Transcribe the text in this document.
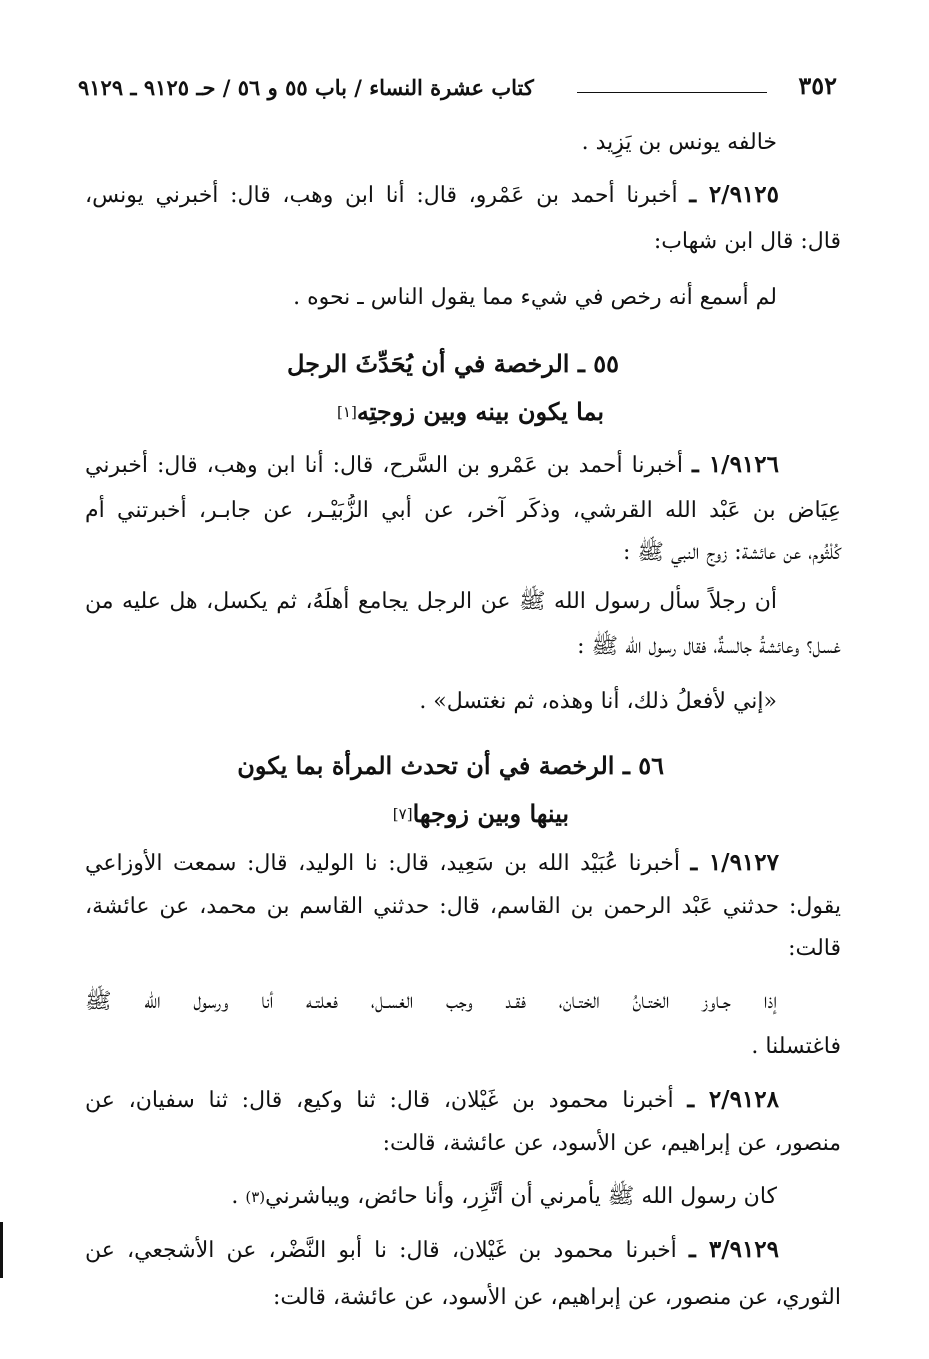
٣٥٢
كتاب عشرة النساء / باب ٥٥ و ٥٦ / حـ ٩١٢٥ ـ ٩١٢٩
خالفه يونس بن يَزِيد .
٢/٩١٢٥ ـ أخبرنا أحمد بن عَمْرو، قال: أنا ابن وهب، قال: أخبرني يونس،
قال: قال ابن شهاب:
لم أسمع أنه رخص في شيء مما يقول الناس ـ نحوه .
٥٥ ـ الرخصة في أن يُحَدِّثَ الرجل
بما يكون بينه وبين زوجتِه[١]
١/٩١٢٦ ـ أخبرنا أحمد بن عَمْرو بن السَّرح، قال: أنا ابن وهب، قال: أخبرني
عِيَاض بن عَبْد الله القرشي، وذكَر آخر، عن أبي الزُّبَيْـر، عن جابـر، أخبرتني أم
كُلْثُوم، عن عائشة: زوج النبي ﷺ :
أن رجلاً سأل رسول الله ﷺ عن الرجل يجامع أهلَهُ، ثم يكسل، هل عليه من
غسل؟ وعائشةُ جالسةٌ، فقال رسول الله ﷺ :
«إني لأفعلُ ذلك، أنا وهذه، ثم نغتسل» .
٥٦ ـ الرخصة في أن تحدث المرأة بما يكون
بينها وبين زوجها[٧]
١/٩١٢٧ ـ أخبرنا عُبَيْد الله بن سَعِيد، قال: نا الوليد، قال: سمعت الأوزاعي
يقول: حدثني عَبْد الرحمن بن القاسم، قال: حدثني القاسم بن محمد، عن عائشة،
قالت:
إذا جـاوز الختـانُ الختـان، فقـد وجب الغسـل، فعلتـه أنا ورسول الله ﷺ
فاغتسلنا .
٢/٩١٢٨ ـ أخبرنا محمود بن غَيْلان، قال: ثنا وكيع، قال: ثنا سفيان، عن
منصور، عن إبراهيم، عن الأسود، عن عائشة، قالت:
كان رسول الله ﷺ يأمرني أن أتَّزِر، وأنا حائض، ويباشرني$^{(٣)}$ .
٣/٩١٢٩ ـ أخبرنا محمود بن غَيْلان، قال: نا أبو النَّضْر، عن الأشجعي، عن
الثوري، عن منصور، عن إبراهيم، عن الأسود، عن عائشة، قالت:
